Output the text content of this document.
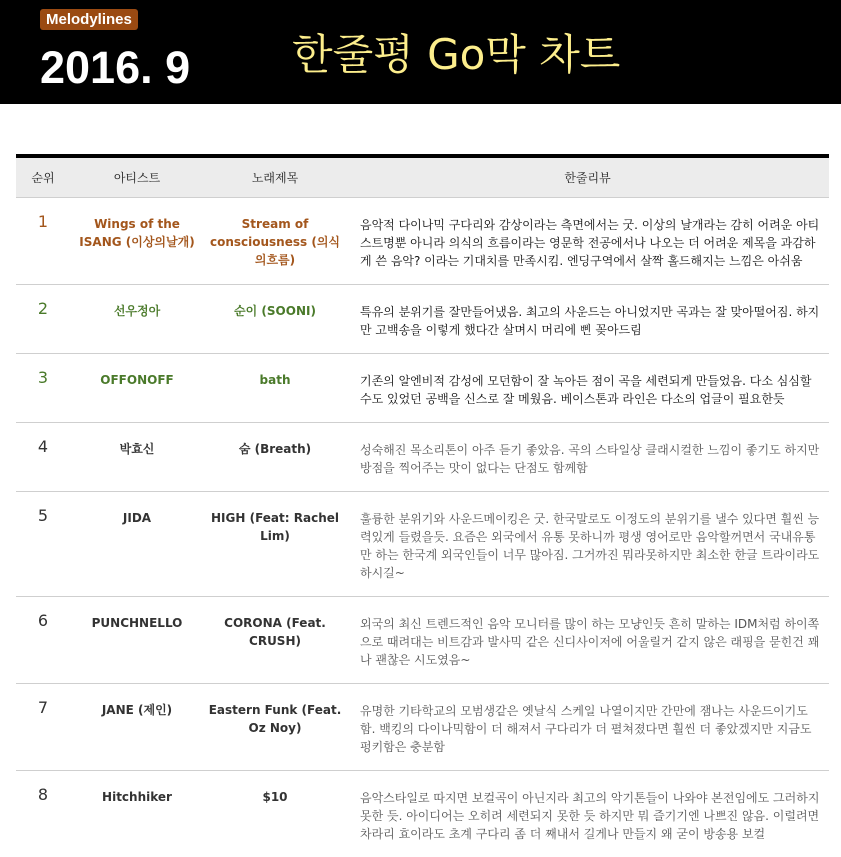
Melodylines
2016. 9 한줄평 Go막 차트
순위	아티스트	노래제목	한줄리뷰
1	Wings of the ISANG (이상의날개)	Stream of consciousness (의식의흐름)	음악적 다이나믹 구다리와 감상이라는 측면에서는 굿. 이상의 날개라는 감히 어려운 아티스트명뿐 아니라 의식의 흐름이라는 영문학 전공에서나 나오는 더 어려운 제목을 과감하게 쓴 음악? 이라는 기대치를 만족시킴. 엔딩구역에서 살짝 홀드해지는 느낌은 아쉬움
2	선우정아	순이 (SOONI)	특유의 분위기를 잘만들어냈음. 최고의 사운드는 아니었지만 곡과는 잘 맞아떨어짐. 하지만 고백송을 이렇게 했다간 살며시 머리에 삔 꽂아드림
3	OFFONOFF	bath	기존의 알엔비적 감성에 모던함이 잘 녹아든 점이 곡을 세련되게 만들었음. 다소 심심할수도 있었던 공백을 신스로 잘 메웠음. 베이스톤과 라인은 다소의 업글이 필요한듯
4	박효신	숨 (Breath)	성숙해진 목소리톤이 아주 듣기 좋았음. 곡의 스타일상 클래시컬한 느낌이 좋기도 하지만 방점을 찍어주는 맛이 없다는 단점도 함께함
5	JIDA	HIGH (Feat: Rachel Lim)	훌륭한 분위기와 사운드메이킹은 굿. 한국말로도 이정도의 분위기를 낼수 있다면 훨씬 능력있게 들렸을듯. 요즘은 외국에서 유통 못하니까 평생 영어로만 음악할꺼면서 국내유통만 하는 한국계 외국인들이 너무 많아짐. 그거까진 뭐라못하지만 최소한 한글 트라이라도 하시길~
6	PUNCHNELLO	CORONA (Feat. CRUSH)	외국의 최신 트렌드적인 음악 모니터를 많이 하는 모냥인듯 흔히 말하는 IDM처럼 하이쪽으로 때려대는 비트감과 발사믹 같은 신디사이저에 어울릴거 같지 않은 래핑을 묻힌건 꽤나 괜찮은 시도였음~
7	JANE (제인)	Eastern Funk (Feat. Oz Noy)	유명한 기타학교의 모범생같은 옛날식 스케일 나열이지만 간만에 잼나는 사운드이기도함. 백킹의 다이나믹함이 더 해져서 구다리가 더 펼쳐졌다면 훨씬 더 좋았겠지만 지금도 펑키함은 충분함
8	Hitchhiker	$10	음악스타일로 따지면 보컬곡이 아닌지라 최고의 악기톤들이 나와야 본전임에도 그러하지 못한 듯. 아이디어는 오히려 세련되지 못한 듯 하지만 뭐 즐기기엔 나쁘진 않음. 이럴려면 차라리 효이라도 초계 구다리 좀 더 째내서 길게나 만들지 왜 굳이 방송용 보컬
